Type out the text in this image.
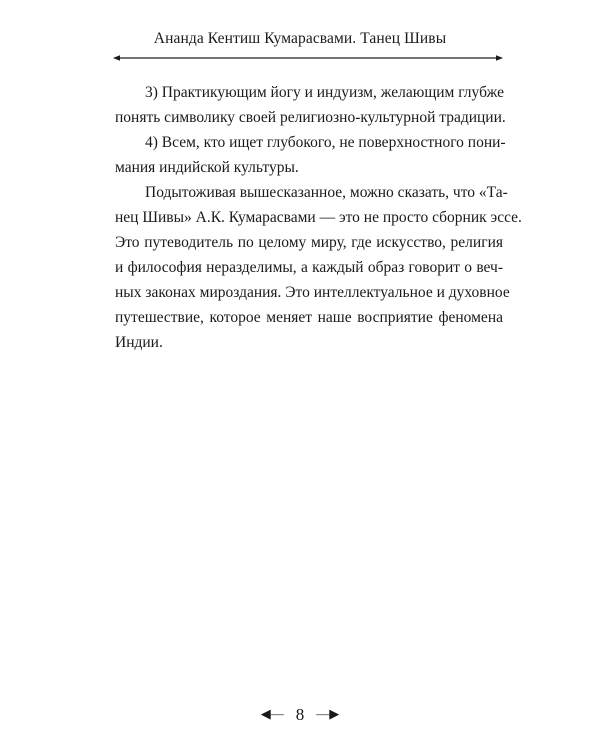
Ананда Кентиш Кумарасвами. Танец Шивы

3) Практикующим йогу и индуизм, желающим глубже
понять символику своей религиозно-культурной традиции.

4) Всем, кто ищет глубокого, не поверхностного пони-
мания индийской культуры.

Подытоживая вышесказанное, можно сказать, что «Та-
нец Шивы» А.К. Кумарасвами — это не просто сборник эссе.
Это путеводитель по целому миру, где искусство, религия
и философия неразделимы, а каждый образ говорит о веч-
ных законах мироздания. Это интеллектуальное и духовное
путешествие, которое меняет наше восприятие феномена
Индии.

◀— 8 —▶
